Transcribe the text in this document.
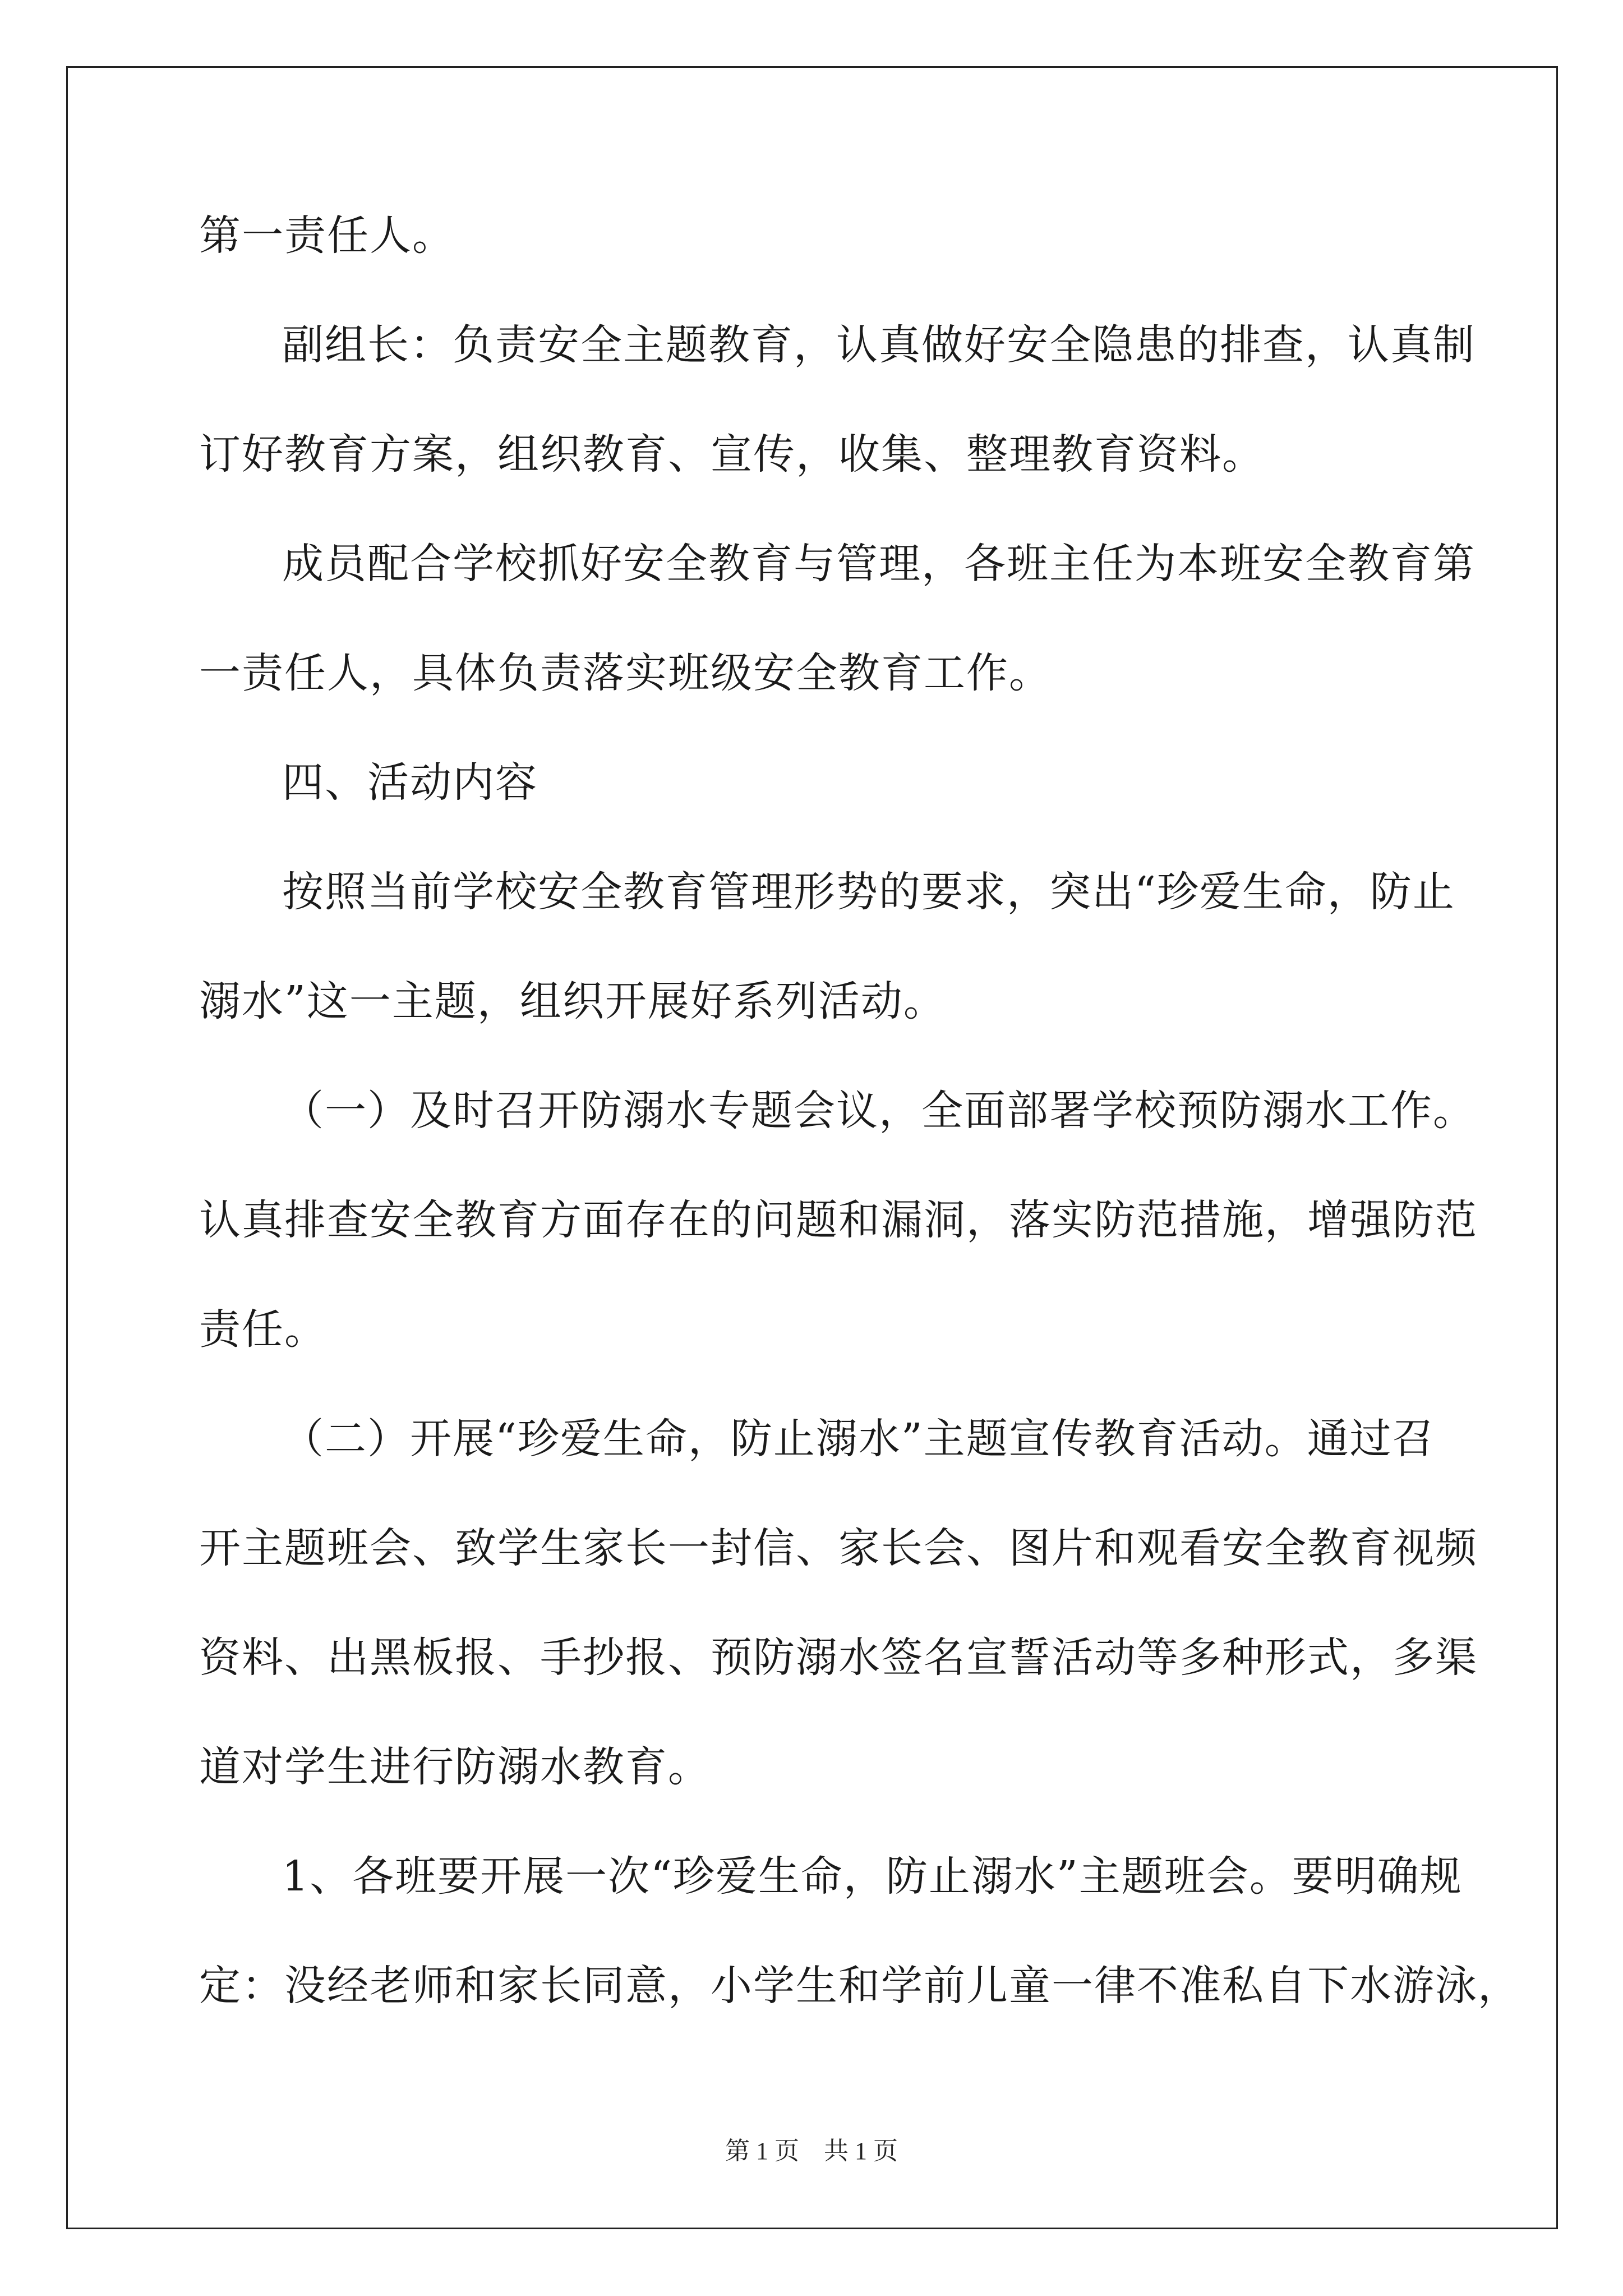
第一责任人。
副组长：负责安全主题教育，认真做好安全隐患的排查，认真制
订好教育方案，组织教育、宣传，收集、整理教育资料。
成员配合学校抓好安全教育与管理，各班主任为本班安全教育第
一责任人，具体负责落实班级安全教育工作。
四、活动内容
按照当前学校安全教育管理形势的要求，突出“珍爱生命，防止
溺水”这一主题，组织开展好系列活动。
（一）及时召开防溺水专题会议，全面部署学校预防溺水工作。
认真排查安全教育方面存在的问题和漏洞，落实防范措施，增强防范
责任。
（二）开展“珍爱生命，防止溺水”主题宣传教育活动。通过召
开主题班会、致学生家长一封信、家长会、图片和观看安全教育视频
资料、出黑板报、手抄报、预防溺水签名宣誓活动等多种形式，多渠
道对学生进行防溺水教育。
1、各班要开展一次“珍爱生命，防止溺水”主题班会。要明确规
定：没经老师和家长同意，小学生和学前儿童一律不准私自下水游泳，
第 1 页　共 1 页
